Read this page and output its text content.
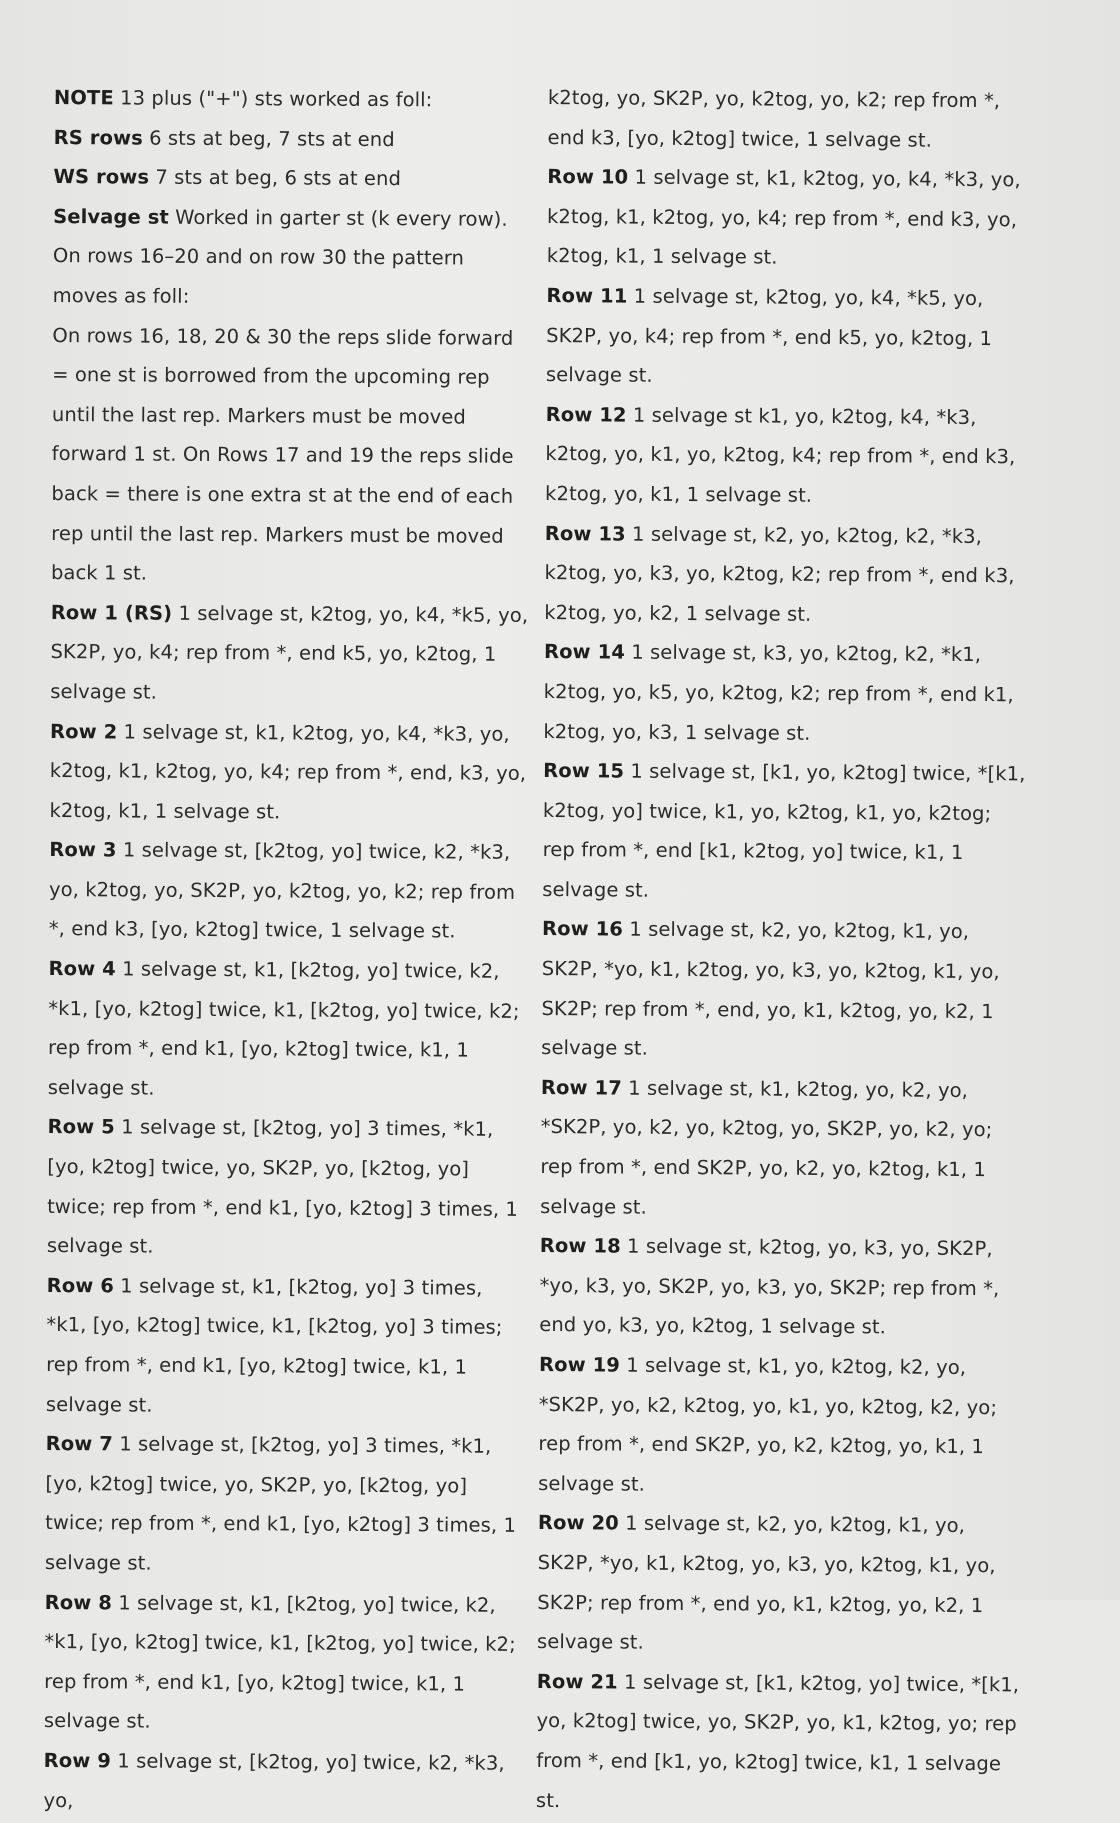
NOTE 13 plus ("+") sts worked as foll:

RS rows 6 sts at beg, 7 sts at end

WS rows 7 sts at beg, 6 sts at end

Selvage st Worked in garter st (k every row).

On rows 16–20 and on row 30 the pattern moves as foll:

On rows 16, 18, 20 & 30 the reps slide forward = one st is borrowed from the upcoming rep until the last rep. Markers must be moved forward 1 st. On Rows 17 and 19 the reps slide back = there is one extra st at the end of each rep until the last rep. Markers must be moved back 1 st.

Row 1 (RS) 1 selvage st, k2tog, yo, k4, *k5, yo, SK2P, yo, k4; rep from *, end k5, yo, k2tog, 1 selvage st.

Row 2 1 selvage st, k1, k2tog, yo, k4, *k3, yo, k2tog, k1, k2tog, yo, k4; rep from *, end, k3, yo, k2tog, k1, 1 selvage st.

Row 3 1 selvage st, [k2tog, yo] twice, k2, *k3, yo, k2tog, yo, SK2P, yo, k2tog, yo, k2; rep from *, end k3, [yo, k2tog] twice, 1 selvage st.

Row 4 1 selvage st, k1, [k2tog, yo] twice, k2, *k1, [yo, k2tog] twice, k1, [k2tog, yo] twice, k2; rep from *, end k1, [yo, k2tog] twice, k1, 1 selvage st.

Row 5 1 selvage st, [k2tog, yo] 3 times, *k1, [yo, k2tog] twice, yo, SK2P, yo, [k2tog, yo] twice; rep from *, end k1, [yo, k2tog] 3 times, 1 selvage st.

Row 6 1 selvage st, k1, [k2tog, yo] 3 times, *k1, [yo, k2tog] twice, k1, [k2tog, yo] 3 times; rep from *, end k1, [yo, k2tog] twice, k1, 1 selvage st.

Row 7 1 selvage st, [k2tog, yo] 3 times, *k1, [yo, k2tog] twice, yo, SK2P, yo, [k2tog, yo] twice; rep from *, end k1, [yo, k2tog] 3 times, 1 selvage st.

Row 8 1 selvage st, k1, [k2tog, yo] twice, k2, *k1, [yo, k2tog] twice, k1, [k2tog, yo] twice, k2; rep from *, end k1, [yo, k2tog] twice, k1, 1 selvage st.

Row 9 1 selvage st, [k2tog, yo] twice, k2, *k3, yo,

k2tog, yo, SK2P, yo, k2tog, yo, k2; rep from *, end k3, [yo, k2tog] twice, 1 selvage st.

Row 10 1 selvage st, k1, k2tog, yo, k4, *k3, yo, k2tog, k1, k2tog, yo, k4; rep from *, end k3, yo, k2tog, k1, 1 selvage st.

Row 11 1 selvage st, k2tog, yo, k4, *k5, yo, SK2P, yo, k4; rep from *, end k5, yo, k2tog, 1 selvage st.

Row 12 1 selvage st k1, yo, k2tog, k4, *k3, k2tog, yo, k1, yo, k2tog, k4; rep from *, end k3, k2tog, yo, k1, 1 selvage st.

Row 13 1 selvage st, k2, yo, k2tog, k2, *k3, k2tog, yo, k3, yo, k2tog, k2; rep from *, end k3, k2tog, yo, k2, 1 selvage st.

Row 14 1 selvage st, k3, yo, k2tog, k2, *k1, k2tog, yo, k5, yo, k2tog, k2; rep from *, end k1, k2tog, yo, k3, 1 selvage st.

Row 15 1 selvage st, [k1, yo, k2tog] twice, *[k1, k2tog, yo] twice, k1, yo, k2tog, k1, yo, k2tog; rep from *, end [k1, k2tog, yo] twice, k1, 1 selvage st.

Row 16 1 selvage st, k2, yo, k2tog, k1, yo, SK2P, *yo, k1, k2tog, yo, k3, yo, k2tog, k1, yo, SK2P; rep from *, end, yo, k1, k2tog, yo, k2, 1 selvage st.

Row 17 1 selvage st, k1, k2tog, yo, k2, yo, *SK2P, yo, k2, yo, k2tog, yo, SK2P, yo, k2, yo; rep from *, end SK2P, yo, k2, yo, k2tog, k1, 1 selvage st.

Row 18 1 selvage st, k2tog, yo, k3, yo, SK2P, *yo, k3, yo, SK2P, yo, k3, yo, SK2P; rep from *, end yo, k3, yo, k2tog, 1 selvage st.

Row 19 1 selvage st, k1, yo, k2tog, k2, yo, *SK2P, yo, k2, k2tog, yo, k1, yo, k2tog, k2, yo; rep from *, end SK2P, yo, k2, k2tog, yo, k1, 1 selvage st.

Row 20 1 selvage st, k2, yo, k2tog, k1, yo, SK2P, *yo, k1, k2tog, yo, k3, yo, k2tog, k1, yo, SK2P; rep from *, end yo, k1, k2tog, yo, k2, 1 selvage st.

Row 21 1 selvage st, [k1, k2tog, yo] twice, *[k1, yo, k2tog] twice, yo, SK2P, yo, k1, k2tog, yo; rep from *, end [k1, yo, k2tog] twice, k1, 1 selvage st.
